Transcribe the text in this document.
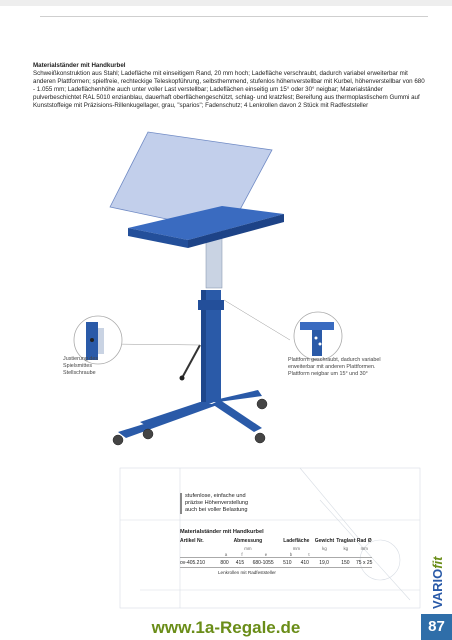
Materialständer mit Handkurbel
Schweißkonstruktion aus Stahl; Ladefläche mit einseitigem Rand, 20 mm hoch; Ladefläche verschraubt, dadurch variabel erweiterbar mit anderen Plattformen; spielfreie, rechteckige Teleskopführung, selbsthemmend, stufenlos höhenverstellbar mit Kurbel, höhenverstellbar von 680 - 1.055 mm; Ladeflächenhöhe auch unter voller Last verstellbar; Ladeflächen einseitig um 15° oder 30° neigbar; Materialständer pulverbeschichtet RAL 5010 enzianblau, dauerhaft oberflächengeschützt, schlag- und kratzfest; Bereifung aus thermoplastischem Gummi auf Kunststoffeige mit Präzisions-Rillenkugellager, grau, "sparios"; Fadenschutz; 4 Lenkrollen davon 2 Stück mit Radfeststeller
Justierung des Spielsmittes Stellschraube
Plattform geschraubt, dadurch variabel erweiterbar mit anderen Plattformen. Plattform neigbar um 15° und 30°
stufenlose, einfache und
präzise Höhenverstellung
auch bei voller Belastung
Materialständer mit Handkurbel
Artikel Nr.	Abmessung	Ladefläche	Gewicht Traglast Rad Ø
mm	mm	kg	kg	mm
a	f	e	b	t
ov-405.210	800	415	680-1055	510	410	19,0	150	75 x 25
Lenkrollen mit Radfeststeller	VARIOfit
www.1a-Regale.de	87
